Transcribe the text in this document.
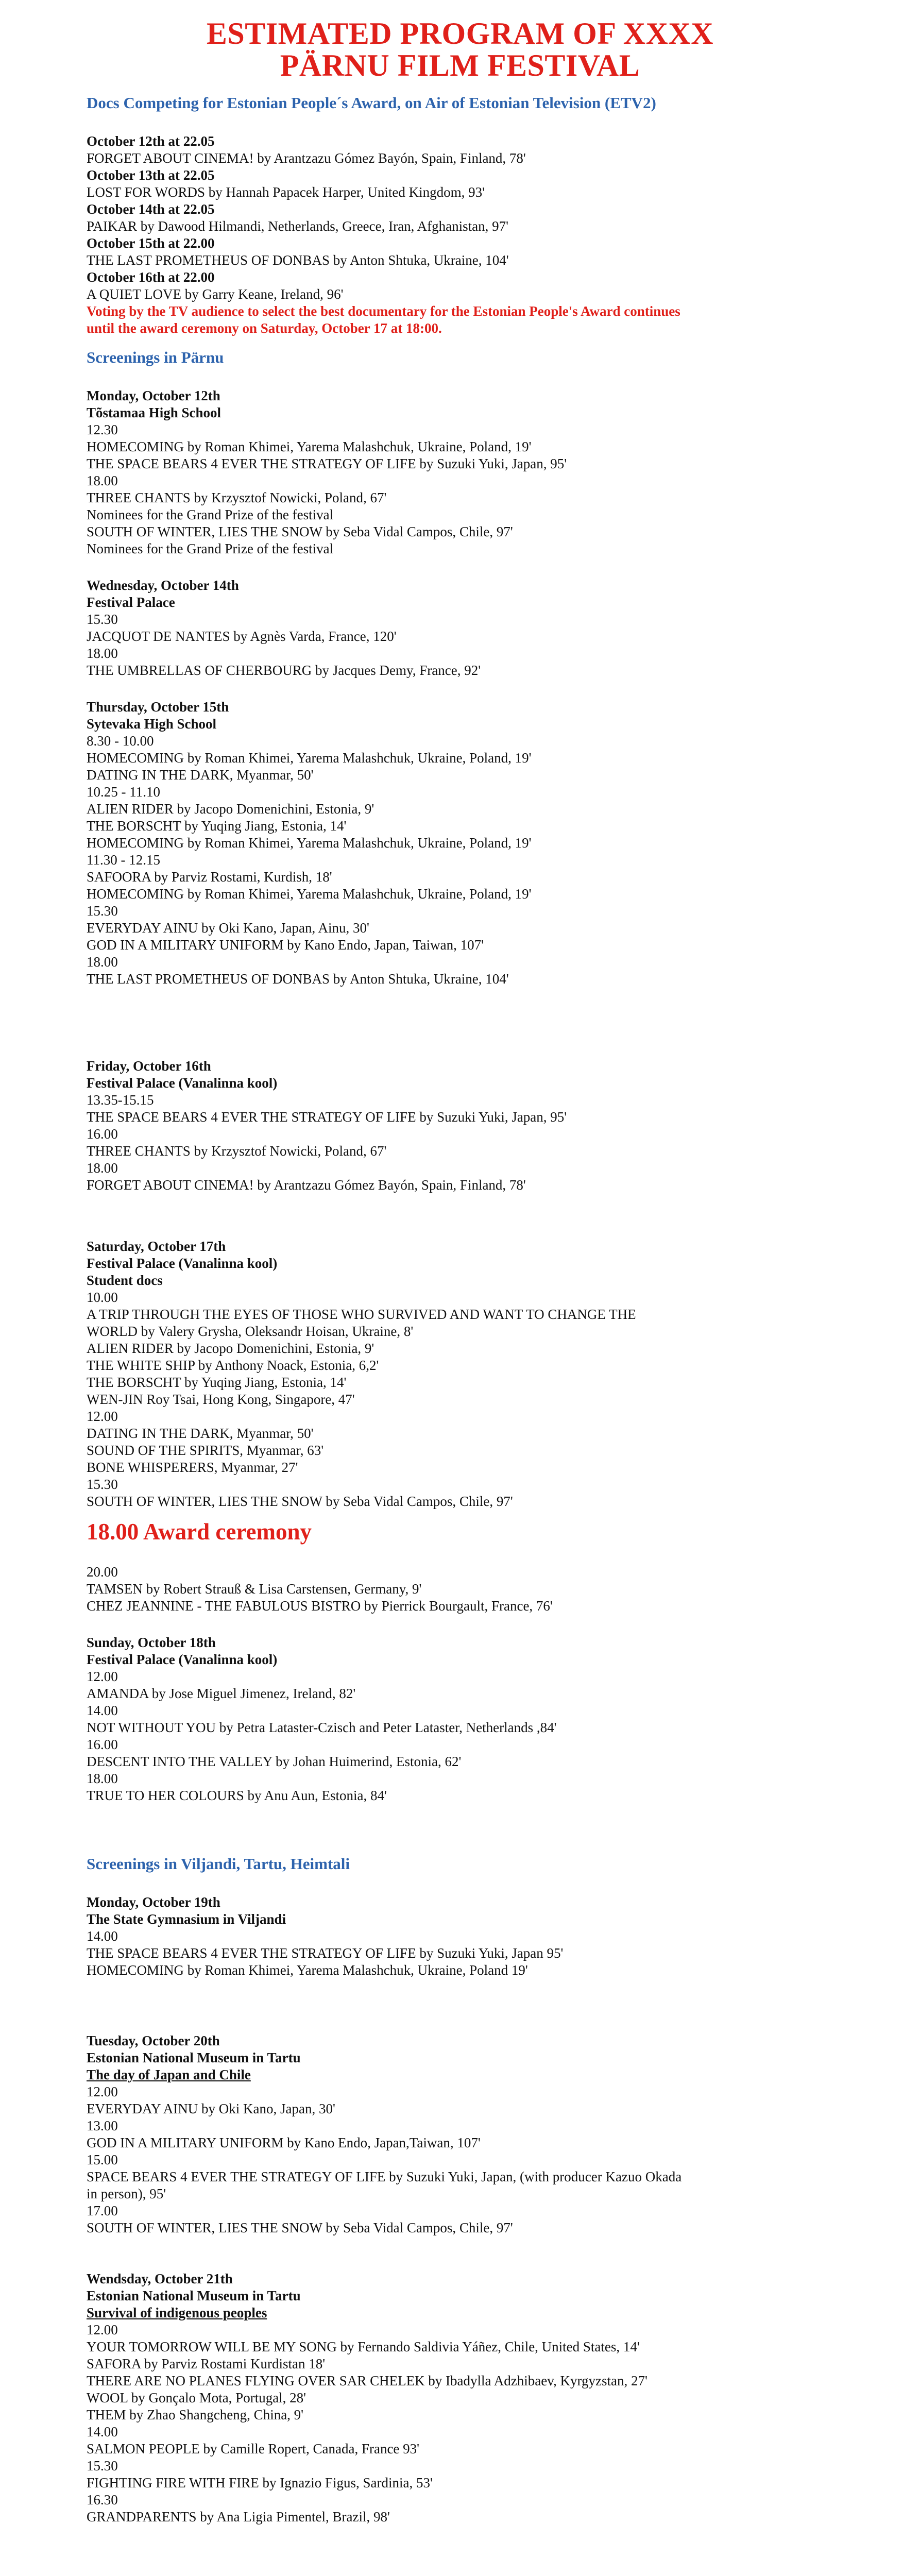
ESTIMATED PROGRAM OF XXXX
PÄRNU FILM FESTIVAL
Docs Competing for Estonian People´s Award, on Air of Estonian Television (ETV2)
October 12th at 22.05
FORGET ABOUT CINEMA! by Arantzazu Gómez Bayón, Spain, Finland, 78'
October 13th at 22.05
LOST FOR WORDS by Hannah Papacek Harper, United Kingdom, 93'
October 14th at 22.05
PAIKAR by Dawood Hilmandi, Netherlands, Greece, Iran, Afghanistan, 97'
October 15th at 22.00
THE LAST PROMETHEUS OF DONBAS by Anton Shtuka, Ukraine, 104'
October 16th at 22.00
A QUIET LOVE by Garry Keane, Ireland, 96'
Voting by the TV audience to select the best documentary for the Estonian People's Award continues
until the award ceremony on Saturday, October 17 at 18:00.
Screenings in Pärnu
Monday, October 12th
Tõstamaa High School
12.30
HOMECOMING by Roman Khimei, Yarema Malashchuk, Ukraine, Poland, 19'
THE SPACE BEARS 4 EVER THE STRATEGY OF LIFE by Suzuki Yuki, Japan, 95'
18.00
THREE CHANTS by Krzysztof Nowicki, Poland, 67'
Nominees for the Grand Prize of the festival
SOUTH OF WINTER, LIES THE SNOW by Seba Vidal Campos, Chile, 97'
Nominees for the Grand Prize of the festival
Wednesday, October 14th
Festival Palace
15.30
JACQUOT DE NANTES by Agnès Varda, France, 120'
18.00
THE UMBRELLAS OF CHERBOURG by Jacques Demy, France, 92'
Thursday, October 15th
Sytevaka High School
8.30 - 10.00
HOMECOMING by Roman Khimei, Yarema Malashchuk, Ukraine, Poland, 19'
DATING IN THE DARK, Myanmar, 50'
10.25 - 11.10
ALIEN RIDER by Jacopo Domenichini, Estonia, 9'
THE BORSCHT by Yuqing Jiang, Estonia, 14'
HOMECOMING by Roman Khimei, Yarema Malashchuk, Ukraine, Poland, 19'
11.30 - 12.15
SAFOORA by Parviz Rostami, Kurdish, 18'
HOMECOMING by Roman Khimei, Yarema Malashchuk, Ukraine, Poland, 19'
15.30
EVERYDAY AINU by Oki Kano, Japan, Ainu, 30'
GOD IN A MILITARY UNIFORM by Kano Endo, Japan, Taiwan, 107'
18.00
THE LAST PROMETHEUS OF DONBAS by Anton Shtuka, Ukraine, 104'
Friday, October 16th
Festival Palace (Vanalinna kool)
13.35-15.15
THE SPACE BEARS 4 EVER THE STRATEGY OF LIFE by Suzuki Yuki, Japan, 95'
16.00
THREE CHANTS by Krzysztof Nowicki, Poland, 67'
18.00
FORGET ABOUT CINEMA! by Arantzazu Gómez Bayón, Spain, Finland, 78'
Saturday, October 17th
Festival Palace (Vanalinna kool)
Student docs
10.00
A TRIP THROUGH THE EYES OF THOSE WHO SURVIVED AND WANT TO CHANGE THE
WORLD by Valery Grysha, Oleksandr Hoisan, Ukraine, 8'
ALIEN RIDER by Jacopo Domenichini, Estonia, 9'
THE WHITE SHIP by Anthony Noack, Estonia, 6,2'
THE BORSCHT by Yuqing Jiang, Estonia, 14'
WEN-JIN Roy Tsai, Hong Kong, Singapore, 47'
12.00
DATING IN THE DARK, Myanmar, 50'
SOUND OF THE SPIRITS, Myanmar, 63'
BONE WHISPERERS, Myanmar, 27'
15.30
SOUTH OF WINTER, LIES THE SNOW by Seba Vidal Campos, Chile, 97'
18.00 Award ceremony
20.00
TAMSEN by Robert Strauß & Lisa Carstensen, Germany, 9'
CHEZ JEANNINE - THE FABULOUS BISTRO by Pierrick Bourgault, France, 76'
Sunday, October 18th
Festival Palace (Vanalinna kool)
12.00
AMANDA by Jose Miguel Jimenez, Ireland, 82'
14.00
NOT WITHOUT YOU by Petra Lataster-Czisch and Peter Lataster, Netherlands ,84'
16.00
DESCENT INTO THE VALLEY by Johan Huimerind, Estonia, 62'
18.00
TRUE TO HER COLOURS by Anu Aun, Estonia, 84'
Screenings in Viljandi, Tartu, Heimtali
Monday, October 19th
The State Gymnasium in Viljandi
14.00
THE SPACE BEARS 4 EVER THE STRATEGY OF LIFE by Suzuki Yuki, Japan 95'
HOMECOMING by Roman Khimei, Yarema Malashchuk, Ukraine, Poland 19'
Tuesday, October 20th
Estonian National Museum in Tartu
The day of Japan and Chile
12.00
EVERYDAY AINU by Oki Kano, Japan, 30'
13.00
GOD IN A MILITARY UNIFORM by Kano Endo, Japan,Taiwan, 107'
15.00
SPACE BEARS 4 EVER THE STRATEGY OF LIFE by Suzuki Yuki, Japan, (with producer Kazuo Okada
in person), 95'
17.00
SOUTH OF WINTER, LIES THE SNOW by Seba Vidal Campos, Chile, 97'
Wendsday, October 21th
Estonian National Museum in Tartu
Survival of indigenous peoples
12.00
YOUR TOMORROW WILL BE MY SONG by Fernando Saldivia Yáñez, Chile, United States, 14'
SAFORA by Parviz Rostami Kurdistan 18'
THERE ARE NO PLANES FLYING OVER SAR CHELEK by Ibadylla Adzhibaev, Kyrgyzstan, 27'
WOOL by Gonçalo Mota, Portugal, 28'
THEM by Zhao Shangcheng, China, 9'
14.00
SALMON PEOPLE by Camille Ropert, Canada, France 93'
15.30
FIGHTING FIRE WITH FIRE by Ignazio Figus, Sardinia, 53'
16.30
GRANDPARENTS by Ana Ligia Pimentel, Brazil, 98'
